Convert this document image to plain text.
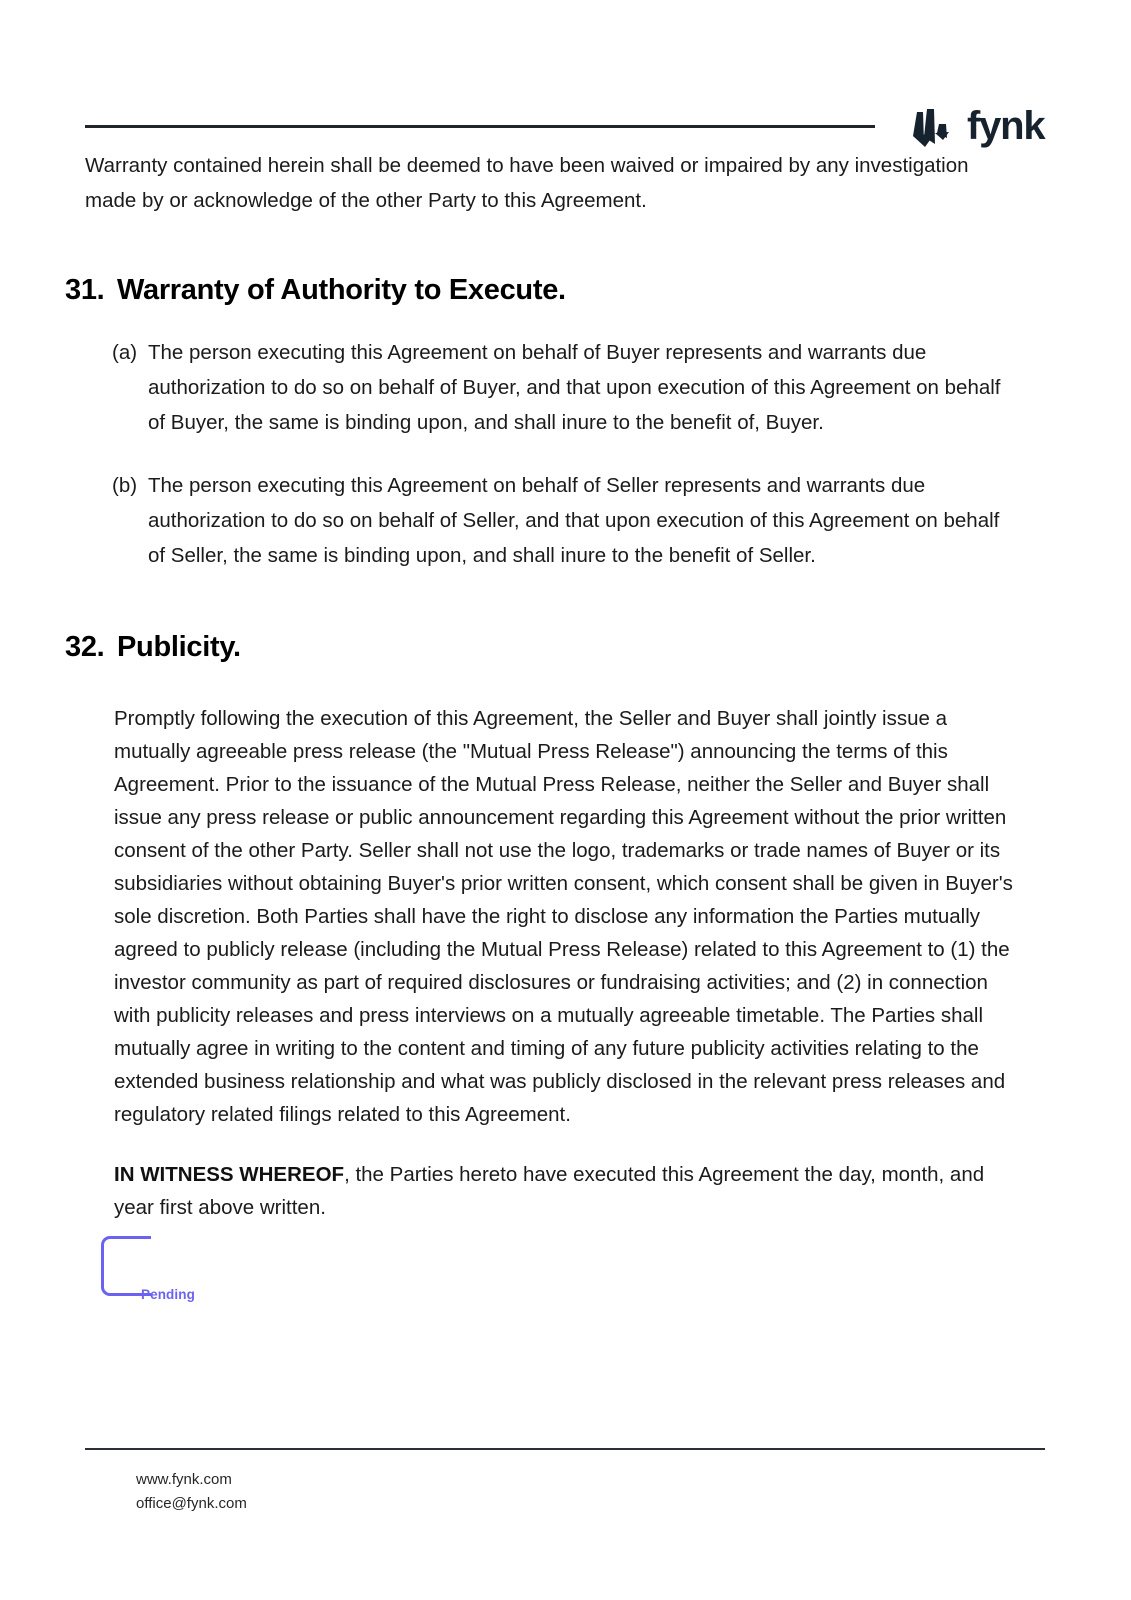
fynk

Warranty contained herein shall be deemed to have been waived or impaired by any investigation made by or acknowledge of the other Party to this Agreement.

31. Warranty of Authority to Execute.
(a) The person executing this Agreement on behalf of Buyer represents and warrants due authorization to do so on behalf of Buyer, and that upon execution of this Agreement on behalf of Buyer, the same is binding upon, and shall inure to the benefit of, Buyer.
(b) The person executing this Agreement on behalf of Seller represents and warrants due authorization to do so on behalf of Seller, and that upon execution of this Agreement on behalf of Seller, the same is binding upon, and shall inure to the benefit of Seller.
32. Publicity.

Promptly following the execution of this Agreement, the Seller and Buyer shall jointly issue a mutually agreeable press release (the "Mutual Press Release") announcing the terms of this Agreement. Prior to the issuance of the Mutual Press Release, neither the Seller and Buyer shall issue any press release or public announcement regarding this Agreement without the prior written consent of the other Party. Seller shall not use the logo, trademarks or trade names of Buyer or its subsidiaries without obtaining Buyer's prior written consent, which consent shall be given in Buyer's sole discretion. Both Parties shall have the right to disclose any information the Parties mutually agreed to publicly release (including the Mutual Press Release) related to this Agreement to (1) the investor community as part of required disclosures or fundraising activities; and (2) in connection with publicity releases and press interviews on a mutually agreeable timetable. The Parties shall mutually agree in writing to the content and timing of any future publicity activities relating to the extended business relationship and what was publicly disclosed in the relevant press releases and regulatory related filings related to this Agreement.

IN WITNESS WHEREOF, the Parties hereto have executed this Agreement the day, month, and year first above written.

Pending
www.fynk.com
office@fynk.com
